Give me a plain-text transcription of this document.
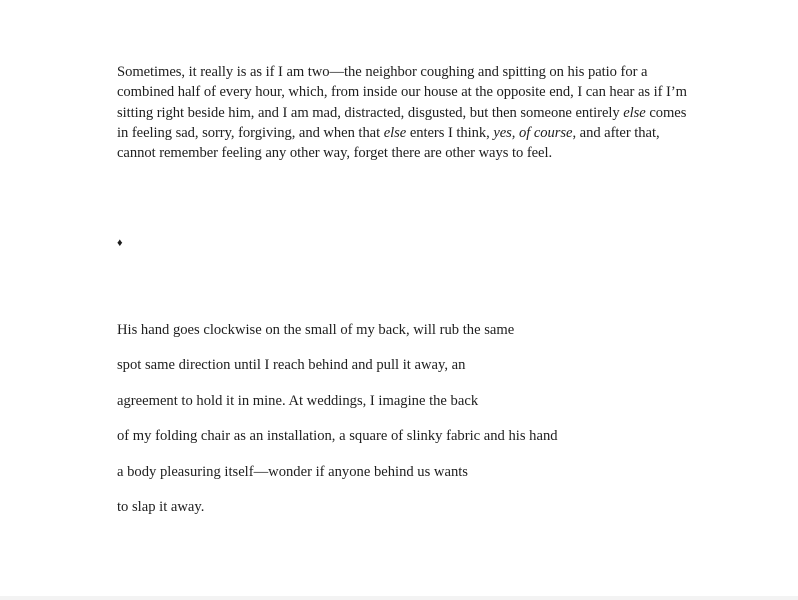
Sometimes, it really is as if I am two—the neighbor coughing and spitting on his patio for a combined half of every hour, which, from inside our house at the opposite end, I can hear as if I’m sitting right beside him, and I am mad, distracted, disgusted, but then someone entirely else comes in feeling sad, sorry, forgiving, and when that else enters I think, yes, of course, and after that, cannot remember feeling any other way, forget there are other ways to feel.

♦
His hand goes clockwise on the small of my back, will rub the same
spot same direction until I reach behind and pull it away, an
agreement to hold it in mine. At weddings, I imagine the back
of my folding chair as an installation, a square of slinky fabric and his hand
a body pleasuring itself—wonder if anyone behind us wants
to slap it away.
